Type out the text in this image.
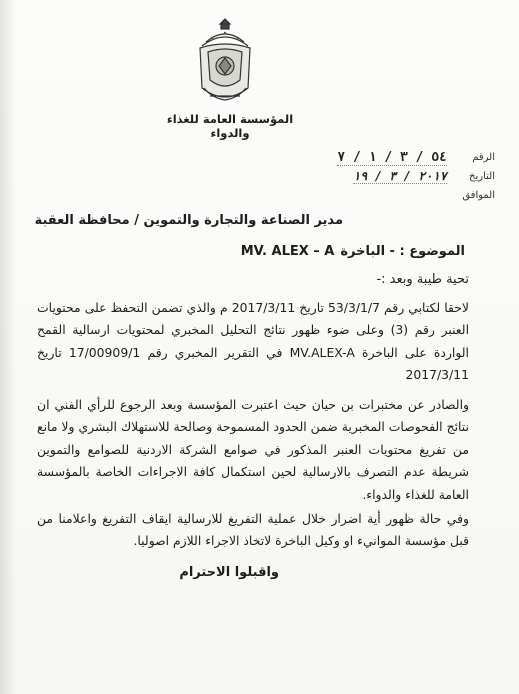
المؤسسة العامة للغذاء والدواء
الرقم
٥٤ / ٣ / ١ / ٧
التاريخ
٢٠١٧ / ٣ / ١٩
الموافق
مدير الصناعة والتجارة والتموين / محافظة العقبة
الموضوع : - الباخرة
MV. ALEX – A
تحية طيبة وبعد :-
لاحقا لكتابي رقم 53/3/1/7 تاريخ 2017/3/11 م والذي تضمن التحفظ على محتويات العنبر رقم (3) وعلى ضوء ظهور نتائج التحليل المخبري لمحتويات ارسالية القمح الواردة على الباخرة MV.ALEX-A في التقرير المخبري رقم 17/00909/1 تاريخ 2017/3/11
والصادر عن مختبرات بن حيان حيث اعتبرت المؤسسة وبعد الرجوع للرأي الفني ان نتائج الفحوصات المخبرية ضمن الحدود المسموحة وصالحة للاستهلاك البشري ولا مانع من تفريغ محتويات العنبر المذكور في صوامع الشركة الاردنية للصوامع والتموين شريطة عدم التصرف بالارسالية لحين استكمال كافة الاجراءات الخاصة بالمؤسسة العامة للغذاء والدواء.
وفي حالة ظهور أية اضرار خلال عملية التفريغ للارسالية ايقاف التفريغ واعلامنا من قبل مؤسسة الموانيء او وكيل الباخرة لاتخاذ الاجراء اللازم اصوليا.
واقبلوا الاحترام
